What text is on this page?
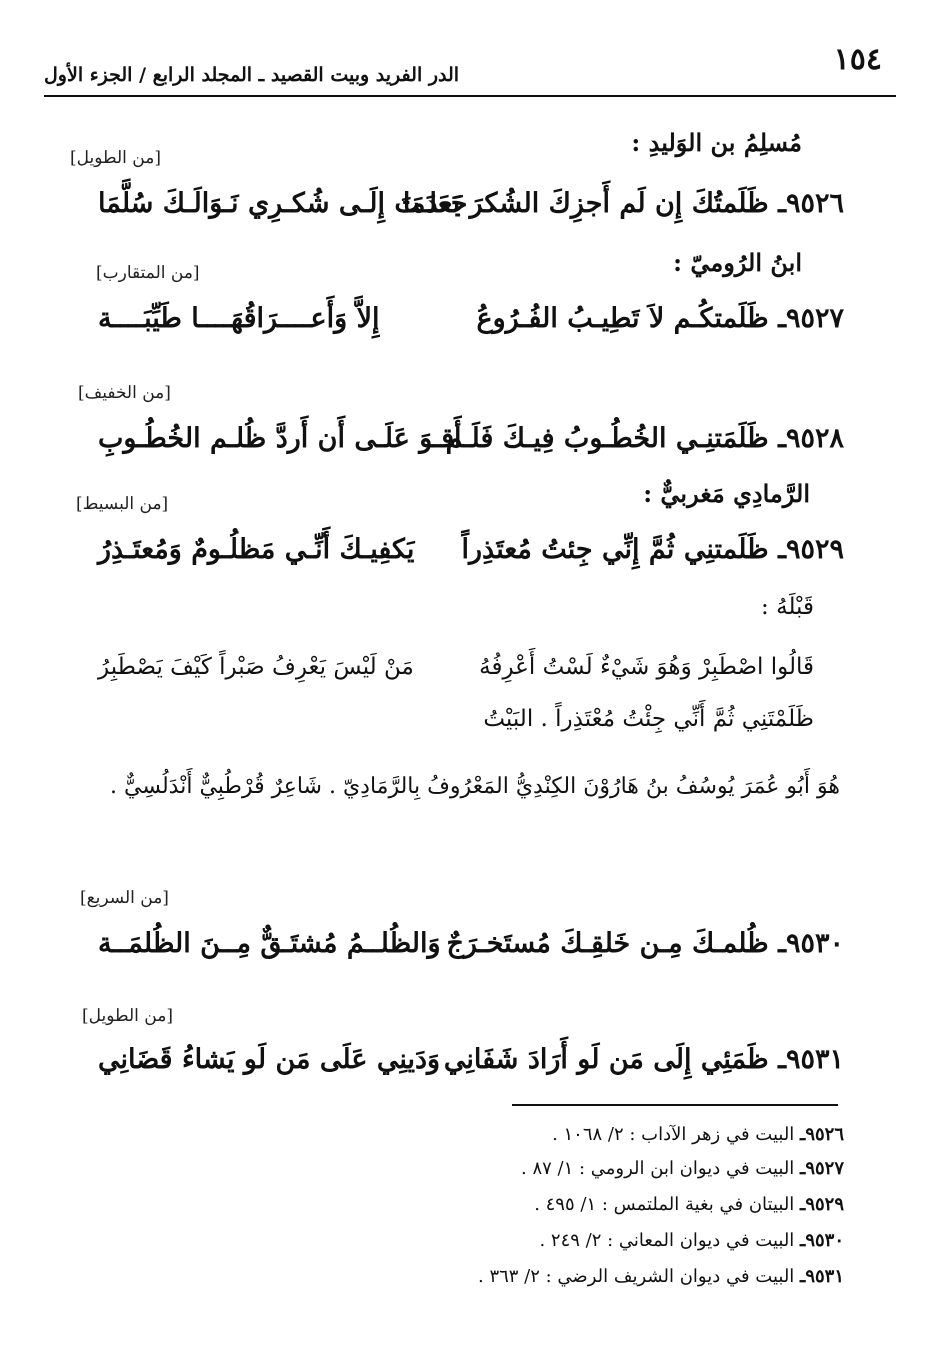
١٥٤
الدر الفريد وبيت القصيد ـ المجلد الرابع / الجزء الأول
مُسلِمُ بن الوَليدِ :
[من الطويل]
٩٥٢٦ـ ظَلَمتُكَ إِن لَم أَجزِكَ الشُكرَ بَعدَمَا
جَعَلـتَ إِلَـى شُكـرِي نَـوَالَـكَ سُلَّمَا
ابنُ الرُوميّ :
[من المتقارب]
٩٥٢٧ـ ظَلَمتكُـم لاَ تَطِيـبُ الفُـرُوعُ
إِلاَّ وَأَعــــرَاقُهَــــا طَيِّبَــــة
[من الخفيف]
٩٥٢٨ـ ظَلَمَتنِـي الخُطُـوبُ فِيـكَ فَلَـم
أَقـوَ عَلَـى أَن أَردَّ ظُلـم الخُطُـوبِ
الرَّمادِي مَغربيٌّ :
[من البسيط]
٩٥٢٩ـ ظَلَمتنِي ثُمَّ إِنِّي جِئتُ مُعتَذِراً
يَكفِيـكَ أَنِّـي مَظلُـومٌ وَمُعتَـذِرُ
قَبْلَهُ :
قَالُوا اصْطَبِرْ وَهُوَ شَيْءٌ لَسْتُ أَعْرِفُهُ
مَنْ لَيْسَ يَعْرِفُ صَبْراً كَيْفَ يَصْطَبِرُ
ظَلَمْتَنِي ثُمَّ أَنِّي جِئْتُ مُعْتَذِراً . البَيْتُ
هُوَ أَبُو عُمَرَ يُوسُفُ بنُ هَارُوْنَ الكِنْدِيُّ المَعْرُوفُ بِالرَّمَادِيّ . شَاعِرٌ قُرْطُبِيٌّ أَنْدَلُسِيٌّ .
[من السريع]
٩٥٣٠ـ ظُلمـكَ مِـن خَلقِـكَ مُستَخـرَجٌ
وَالظُلــمُ مُشتَـقٌّ مِــنَ الظُلمَــة
[من الطويل]
٩٥٣١ـ ظَمَئِي إِلَى مَن لَو أَرَادَ شَفَانِي
وَدَينِي عَلَى مَن لَو يَشاءُ قَضَانِي
٩٥٢٦ـ البيت في زهر الآداب : ٢/ ١٠٦٨ .
٩٥٢٧ـ البيت في ديوان ابن الرومي : ١/ ٨٧ .
٩٥٢٩ـ البيتان في بغية الملتمس : ١/ ٤٩٥ .
٩٥٣٠ـ البيت في ديوان المعاني : ٢/ ٢٤٩ .
٩٥٣١ـ البيت في ديوان الشريف الرضي : ٢/ ٣٦٣ .
